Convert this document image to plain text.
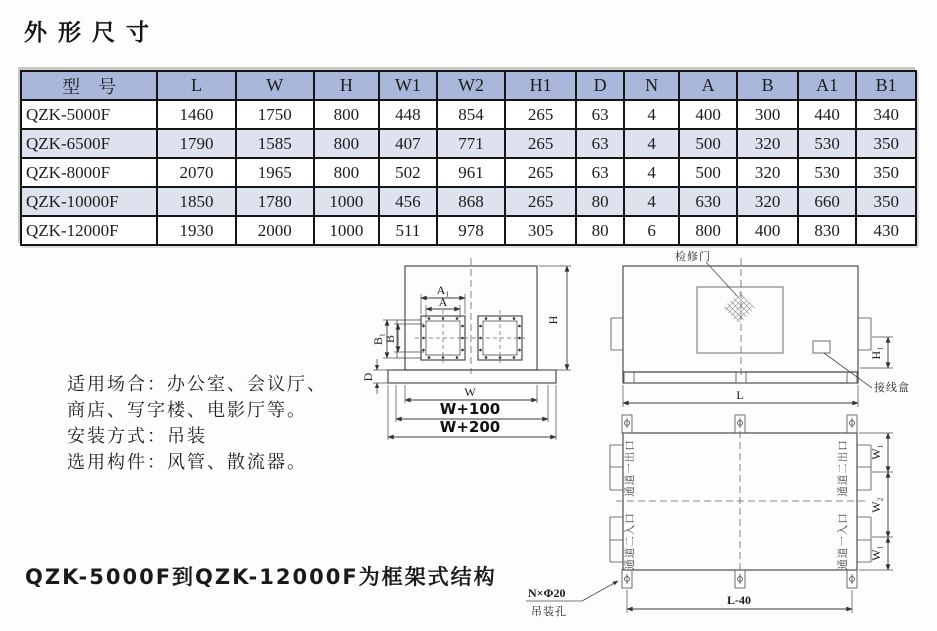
外形尺寸
型　号	L	W	H	W1	W2	H1	D	N	A	B	A1	B1
QZK-5000F	1460	1750	800	448	854	265	63	4	400	300	440	340
QZK-6500F	1790	1585	800	407	771	265	63	4	500	320	530	350
QZK-8000F	2070	1965	800	502	961	265	63	4	500	320	530	350
QZK-10000F	1850	1780	1000	456	868	265	80	4	630	320	660	350
QZK-12000F	1930	2000	1000	511	978	305	80	6	800	400	830	430
适用场合：办公室、会议厅、
商店、写字楼、电影厅等。
安装方式：吊装
选用构件：风管、散流器。
QZK-5000F到QZK-12000F为框架式结构
A₁
A
B₁
B
D
H
W
W+100
W+200
检修门
接线盒
H₁
L
通道一出口
通道二入口
通道二出口
通道一入口
W₁
W₂
W₁
L-40
N×Φ20
吊装孔
